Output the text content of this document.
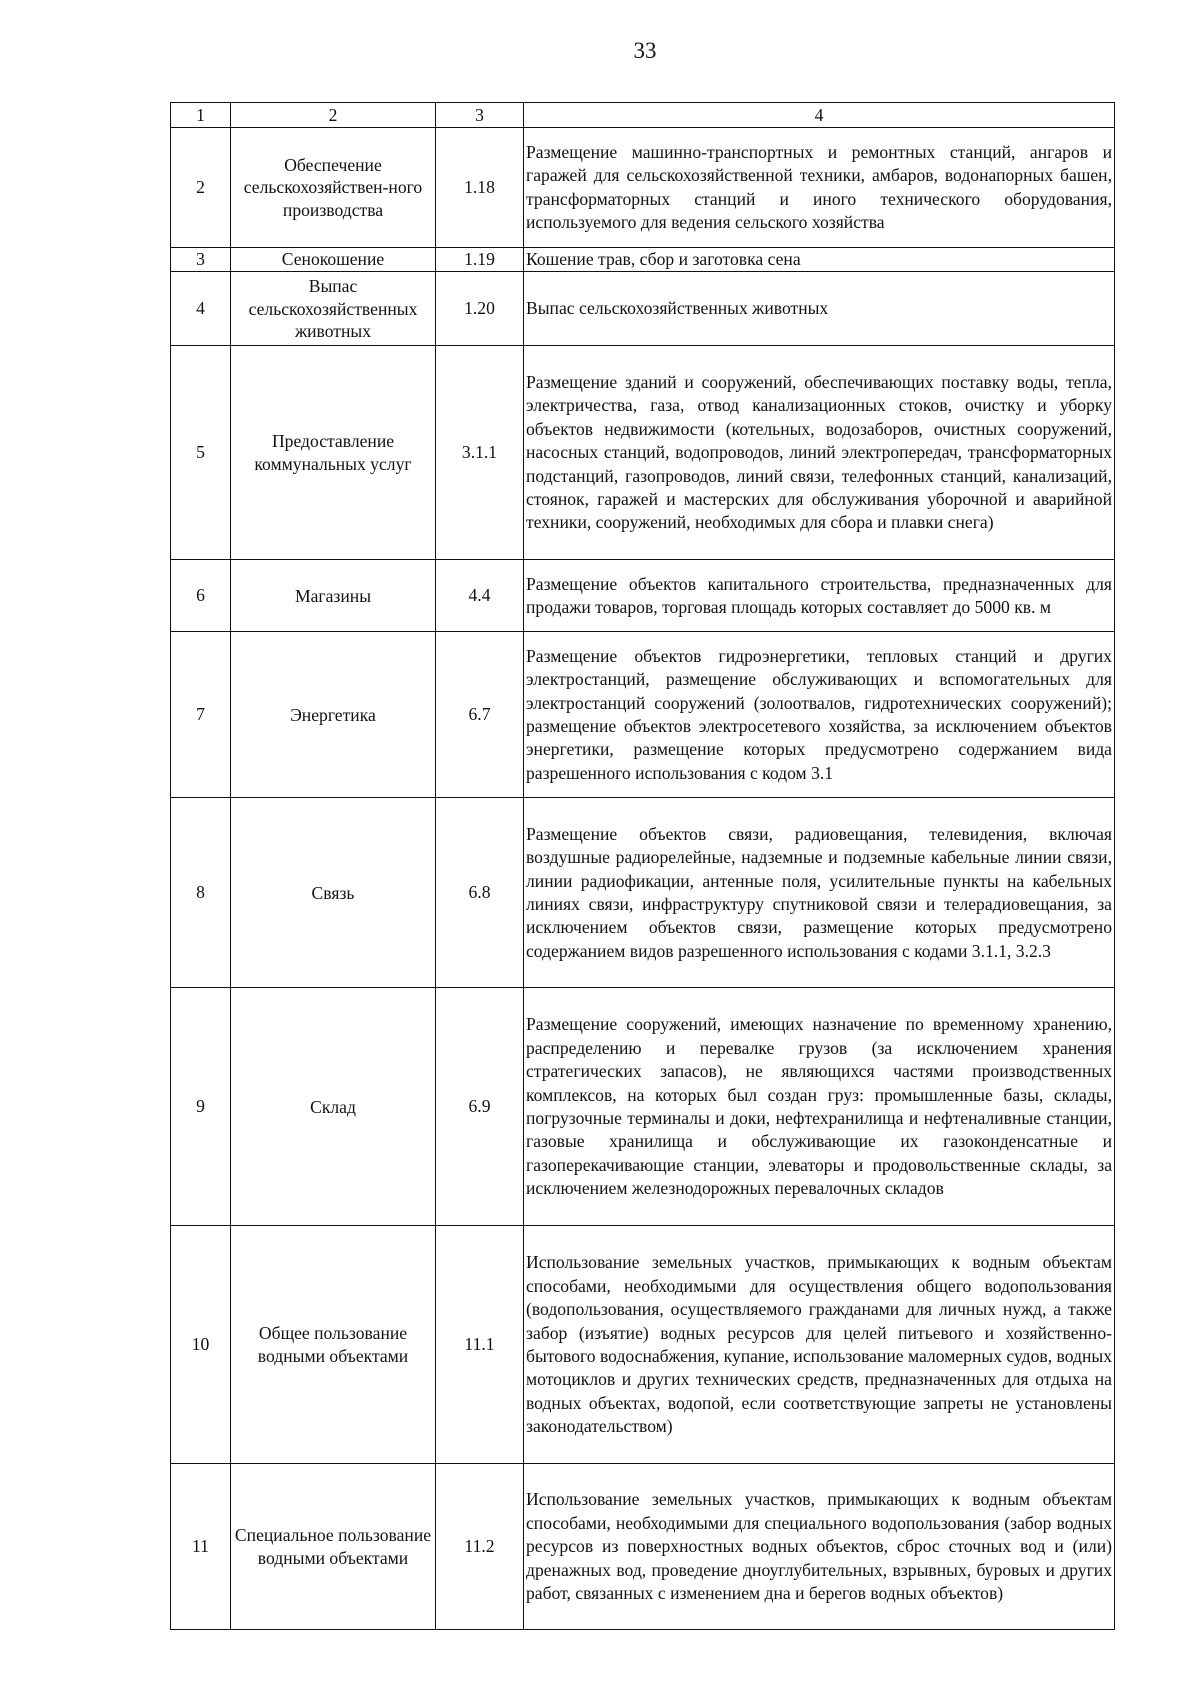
33
1	2	3	4
2	Обеспечение сельскохозяйствен-ного производства	1.18	Размещение машинно-транспортных и ремонтных станций, ангаров и гаражей для сельскохозяйственной техники, амбаров, водонапорных башен, трансформаторных станций и иного технического оборудования, используемого для ведения сельского хозяйства
3	Сенокошение	1.19	Кошение трав, сбор и заготовка сена
4	Выпас сельскохозяйственных животных	1.20	Выпас сельскохозяйственных животных
5	Предоставление коммунальных услуг	3.1.1	Размещение зданий и сооружений, обеспечивающих поставку воды, тепла, электричества, газа, отвод канализационных стоков, очистку и уборку объектов недвижимости (котельных, водозаборов, очистных сооружений, насосных станций, водопроводов, линий электропередач, трансформаторных подстанций, газопроводов, линий связи, телефонных станций, канализаций, стоянок, гаражей и мастерских для обслуживания уборочной и аварийной техники, сооружений, необходимых для сбора и плавки снега)
6	Магазины	4.4	Размещение объектов капитального строительства, предназначенных для продажи товаров, торговая площадь которых составляет до 5000 кв. м
7	Энергетика	6.7	Размещение объектов гидроэнергетики, тепловых станций и других электростанций, размещение обслуживающих и вспомогательных для электростанций сооружений (золоотвалов, гидротехнических сооружений); размещение объектов электросетевого хозяйства, за исключением объектов энергетики, размещение которых предусмотрено содержанием вида разрешенного использования с кодом 3.1
8	Связь	6.8	Размещение объектов связи, радиовещания, телевидения, включая воздушные радиорелейные, надземные и подземные кабельные линии связи, линии радиофикации, антенные поля, усилительные пункты на кабельных линиях связи, инфраструктуру спутниковой связи и телерадиовещания, за исключением объектов связи, размещение которых предусмотрено содержанием видов разрешенного использования с кодами 3.1.1, 3.2.3
9	Склад	6.9	Размещение сооружений, имеющих назначение по временному хранению, распределению и перевалке грузов (за исключением хранения стратегических запасов), не являющихся частями производственных комплексов, на которых был создан груз: промышленные базы, склады, погрузочные терминалы и доки, нефтехранилища и нефтеналивные станции, газовые хранилища и обслуживающие их газоконденсатные и газоперекачивающие станции, элеваторы и продовольственные склады, за исключением железнодорожных перевалочных складов
10	Общее пользование водными объектами	11.1	Использование земельных участков, примыкающих к водным объектам способами, необходимыми для осуществления общего водопользования (водопользования, осуществляемого гражданами для личных нужд, а также забор (изъятие) водных ресурсов для целей питьевого и хозяйственно-бытового водоснабжения, купание, использование маломерных судов, водных мотоциклов и других технических средств, предназначенных для отдыха на водных объектах, водопой, если соответствующие запреты не установлены законодательством)
11	Специальное пользование водными объектами	11.2	Использование земельных участков, примыкающих к водным объектам способами, необходимыми для специального водопользования (забор водных ресурсов из поверхностных водных объектов, сброс сточных вод и (или) дренажных вод, проведение дноуглубительных, взрывных, буровых и других работ, связанных с изменением дна и берегов водных объектов)
